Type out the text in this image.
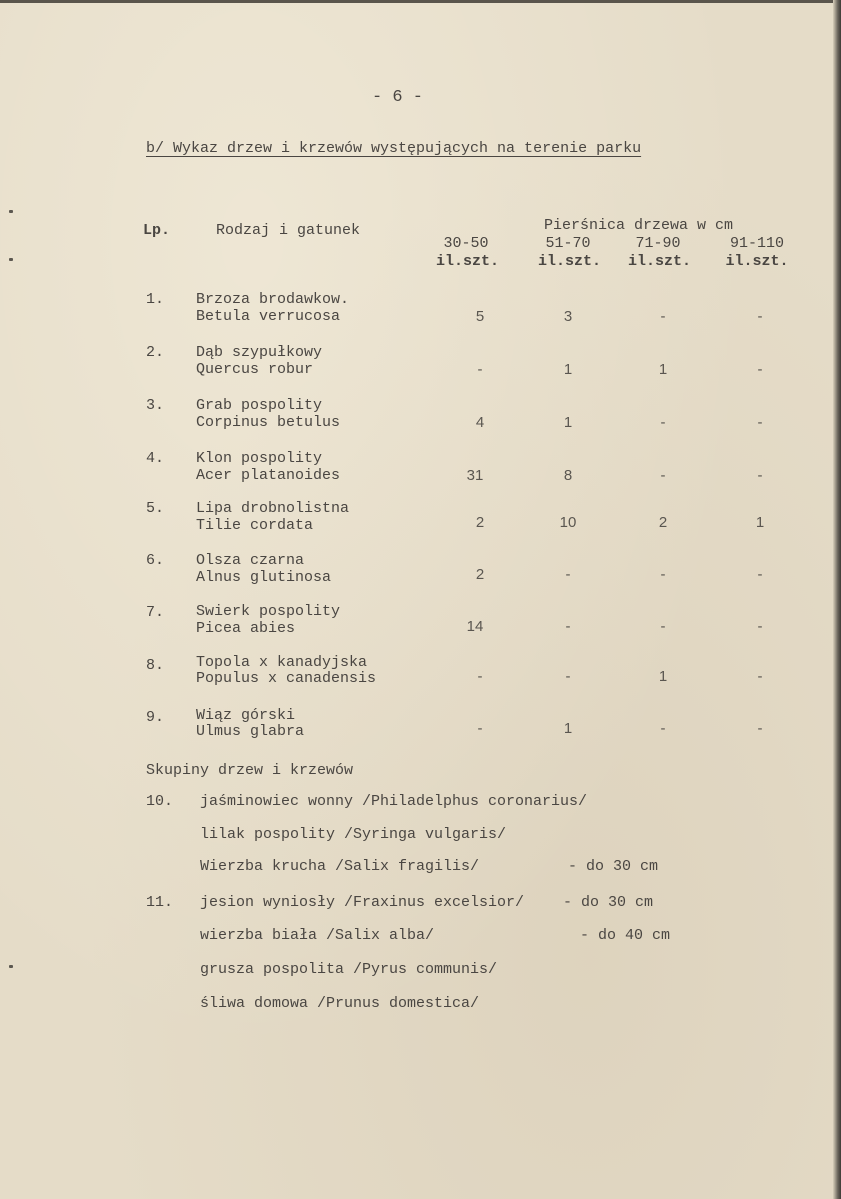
- 6 -
b/ Wykaz drzew i krzewów występujących na terenie parku
Lp.	Rodzaj i gatunek	Pierśnica drzewa w cm
30-50	51-70	71-90	91-110
il.szt.	il.szt. il.szt. il.szt.
1. Brzoza brodawkow.
Betula verrucosa	5	3	-	-
2. Dąb szypułkowy
Quercus robur	-	1	1	-
3. Grab pospolity
Corpinus betulus	4	1	-	-
4. Klon pospolity
Acer platanoides	31	8	-	-
5. Lipa drobnolistna
Tilie cordata	2	10	2	1
6. Olsza czarna
Alnus glutinosa	2	-	-	-
7. Swierk pospolity
Picea abies	14	-	-	-
8. Topola x kanadyjska
Populus x canadensis	-	-	1	-
9. Wiąz górski
Ulmus glabra	-	1	-	-
Skupiny drzew i krzewów
10. jaśminowiec wonny /Philadelphus coronarius/
lilak pospolity /Syringa vulgaris/
Wierzba krucha /Salix fragilis/	- do 30 cm
11. jesion wyniosły /Fraxinus excelsior/	- do 30 cm
wierzba biała /Salix alba/	- do 40 cm
grusza pospolita /Pyrus communis/
śliwa domowa /Prunus domestica/
